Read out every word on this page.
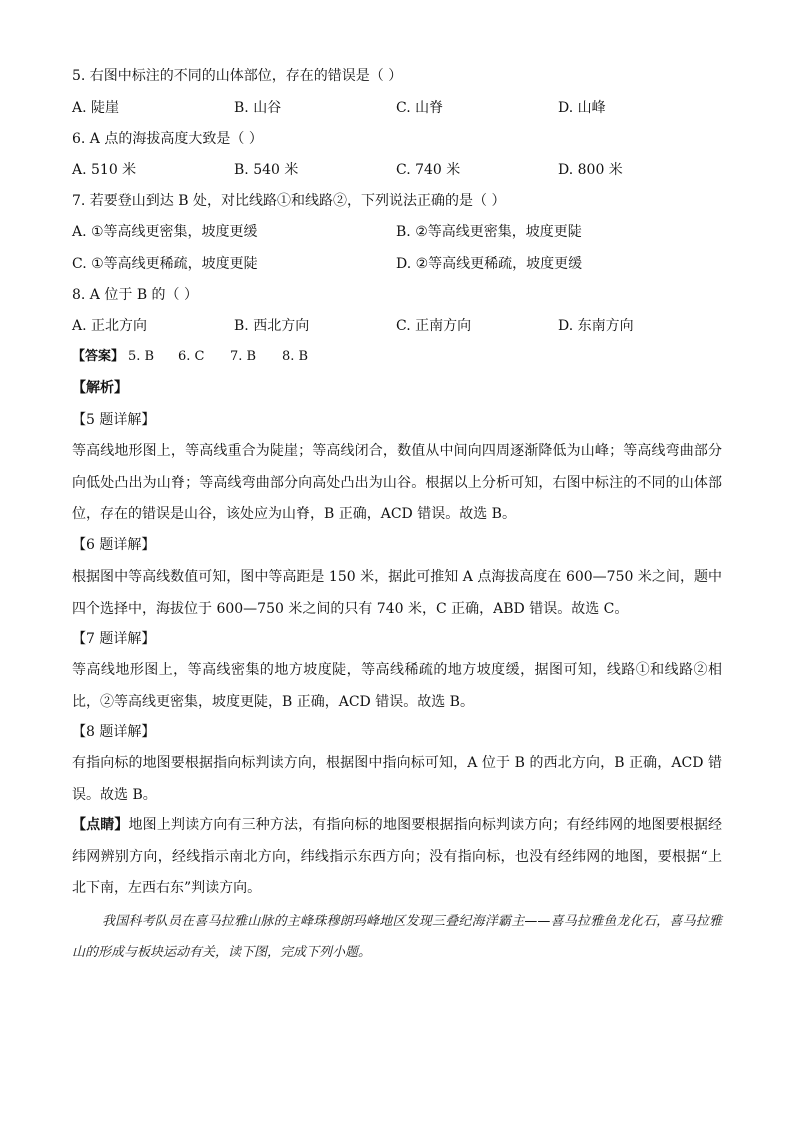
5. 右图中标注的不同的山体部位，存在的错误是（ ）
A. 陡崖	B. 山谷	C. 山脊	D. 山峰
6. A 点的海拔高度大致是（ ）
A. 510 米	B. 540 米	C. 740 米	D. 800 米
7. 若要登山到达 B 处，对比线路①和线路②，下列说法正确的是（ ）
A. ①等高线更密集，坡度更缓	B. ②等高线更密集，坡度更陡
C. ①等高线更稀疏，坡度更陡	D. ②等高线更稀疏，坡度更缓
8. A 位于 B 的（ ）
A. 正北方向	B. 西北方向	C. 正南方向	D. 东南方向
【答案】 5. B 6. C 7. B 8. B
【解析】
【5 题详解】
等高线地形图上，等高线重合为陡崖；等高线闭合，数值从中间向四周逐渐降低为山峰；等高线弯曲部分向低处凸出为山脊；等高线弯曲部分向高处凸出为山谷。根据以上分析可知，右图中标注的不同的山体部位，存在的错误是山谷，该处应为山脊，B 正确，ACD 错误。故选 B。
【6 题详解】
根据图中等高线数值可知，图中等高距是 150 米，据此可推知 A 点海拔高度在 600—750 米之间，题中四个选择中，海拔位于 600—750 米之间的只有 740 米，C 正确，ABD 错误。故选 C。
【7 题详解】
等高线地形图上，等高线密集的地方坡度陡，等高线稀疏的地方坡度缓，据图可知，线路①和线路②相比，②等高线更密集，坡度更陡，B 正确，ACD 错误。故选 B。
【8 题详解】
有指向标的地图要根据指向标判读方向，根据图中指向标可知，A 位于 B 的西北方向，B 正确，ACD 错误。故选 B。
【点睛】地图上判读方向有三种方法，有指向标的地图要根据指向标判读方向；有经纬网的地图要根据经纬网辨别方向，经线指示南北方向，纬线指示东西方向；没有指向标，也没有经纬网的地图，要根据“上北下南，左西右东”判读方向。
我国科考队员在喜马拉雅山脉的主峰珠穆朗玛峰地区发现三叠纪海洋霸主——喜马拉雅鱼龙化石，喜马拉雅山的形成与板块运动有关，读下图，完成下列小题。
